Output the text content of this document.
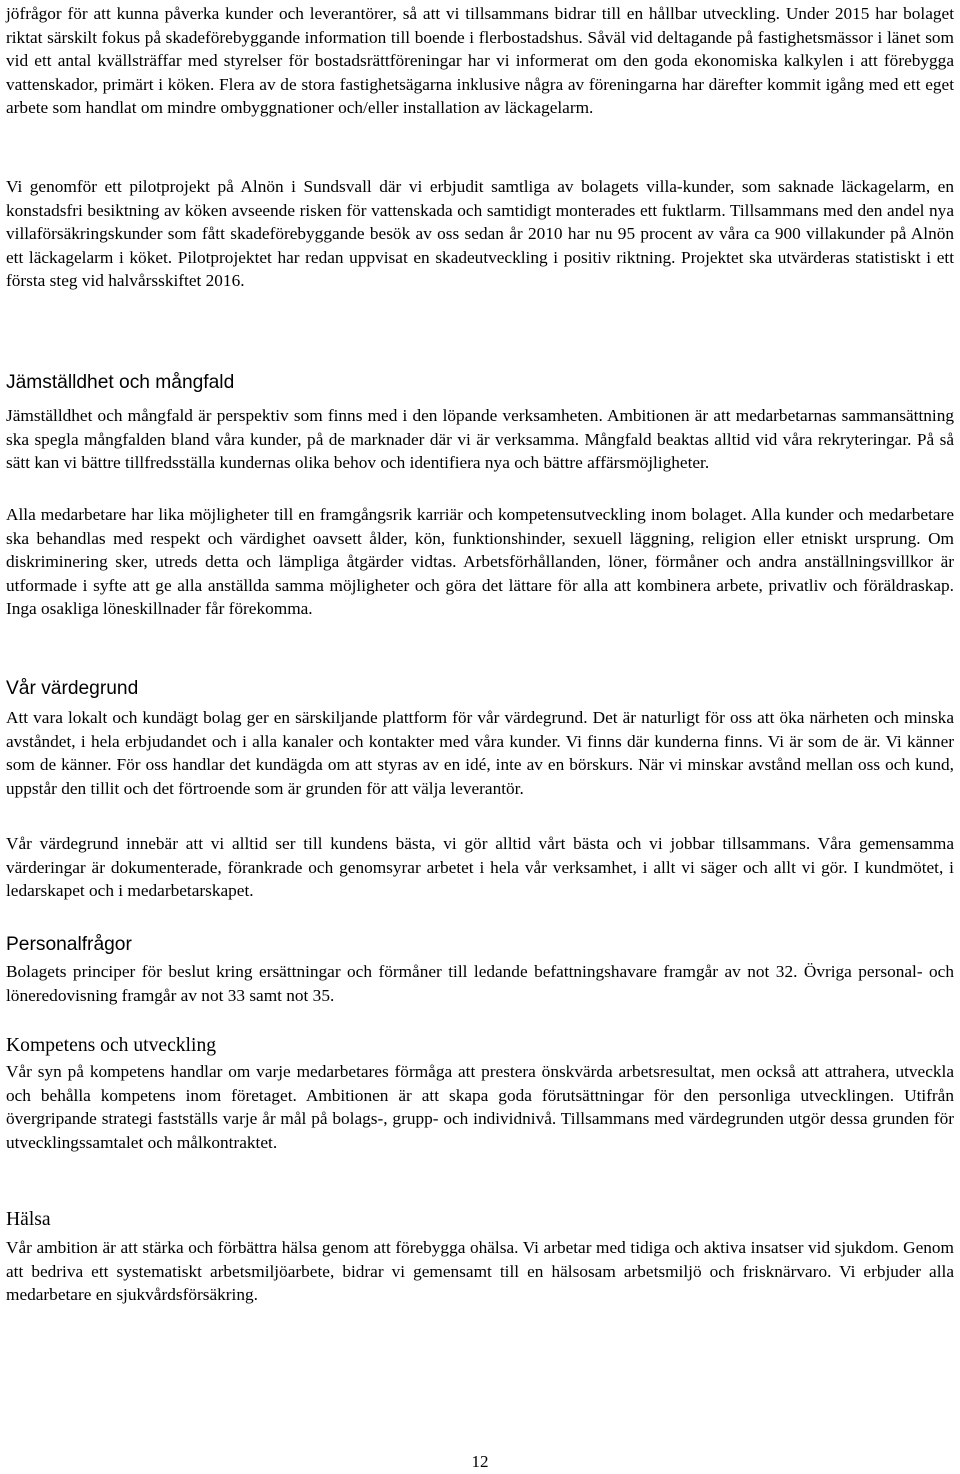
jöfrågor för att kunna påverka kunder och leverantörer, så att vi tillsammans bidrar till en hållbar utveckling. Under 2015 har bolaget riktat särskilt fokus på skadeförebyggande information till boende i flerbostadshus. Såväl vid deltagande på fastighetsmässor i länet som vid ett antal kvällsträffar med styrelser för bostadsrättföreningar har vi informerat om den goda ekonomiska kalkylen i att förebygga vattenskador, primärt i köken. Flera av de stora fastighetsägarna inklusive några av föreningarna har därefter kommit igång med ett eget arbete som handlat om mindre ombyggnationer och/eller installation av läckagelarm.

Vi genomför ett pilotprojekt på Alnön i Sundsvall där vi erbjudit samtliga av bolagets villa-kunder, som saknade läckagelarm, en konstadsfri besiktning av köken avseende risken för vattenskada och samtidigt monterades ett fuktlarm. Tillsammans med den andel nya villaförsäkringskunder som fått skadeförebyggande besök av oss sedan år 2010 har nu 95 procent av våra ca 900 villakunder på Alnön ett läckagelarm i köket. Pilotprojektet har redan uppvisat en skadeutveckling i positiv riktning. Projektet ska utvärderas statistiskt i ett första steg vid halvårsskiftet 2016.

Jämställdhet och mångfald

Jämställdhet och mångfald är perspektiv som finns med i den löpande verksamheten. Ambitionen är att medarbetarnas sammansättning ska spegla mångfalden bland våra kunder, på de marknader där vi är verksamma. Mångfald beaktas alltid vid våra rekryteringar. På så sätt kan vi bättre tillfredsställa kundernas olika behov och identifiera nya och bättre affärsmöjligheter.

Alla medarbetare har lika möjligheter till en framgångsrik karriär och kompetensutveckling inom bolaget. Alla kunder och medarbetare ska behandlas med respekt och värdighet oavsett ålder, kön, funktionshinder, sexuell läggning, religion eller etniskt ursprung. Om diskriminering sker, utreds detta och lämpliga åtgärder vidtas. Arbetsförhållanden, löner, förmåner och andra anställningsvillkor är utformade i syfte att ge alla anställda samma möjligheter och göra det lättare för alla att kombinera arbete, privatliv och föräldraskap. Inga osakliga löneskillnader får förekomma.

Vår värdegrund

Att vara lokalt och kundägt bolag ger en särskiljande plattform för vår värdegrund. Det är naturligt för oss att öka närheten och minska avståndet, i hela erbjudandet och i alla kanaler och kontakter med våra kunder. Vi finns där kunderna finns. Vi är som de är. Vi känner som de känner. För oss handlar det kundägda om att styras av en idé, inte av en börskurs. När vi minskar avstånd mellan oss och kund, uppstår den tillit och det förtroende som är grunden för att välja leverantör.

Vår värdegrund innebär att vi alltid ser till kundens bästa, vi gör alltid vårt bästa och vi jobbar tillsammans. Våra gemensamma värderingar är dokumenterade, förankrade och genomsyrar arbetet i hela vår verksamhet, i allt vi säger och allt vi gör. I kundmötet, i ledarskapet och i medarbetarskapet.

Personalfrågor

Bolagets principer för beslut kring ersättningar och förmåner till ledande befattningshavare framgår av not 32. Övriga personal- och löneredovisning framgår av not 33 samt not 35.

Kompetens och utveckling

Vår syn på kompetens handlar om varje medarbetares förmåga att prestera önskvärda arbetsresultat, men också att attrahera, utveckla och behålla kompetens inom företaget. Ambitionen är att skapa goda förutsättningar för den personliga utvecklingen. Utifrån övergripande strategi fastställs varje år mål på bolags-, grupp- och individnivå. Tillsammans med värdegrunden utgör dessa grunden för utvecklingssamtalet och målkontraktet.

Hälsa

Vår ambition är att stärka och förbättra hälsa genom att förebygga ohälsa. Vi arbetar med tidiga och aktiva insatser vid sjukdom. Genom att bedriva ett systematiskt arbetsmiljöarbete, bidrar vi gemensamt till en hälsosam arbetsmiljö och frisknärvaro. Vi erbjuder alla medarbetare en sjukvårdsförsäkring.

12
